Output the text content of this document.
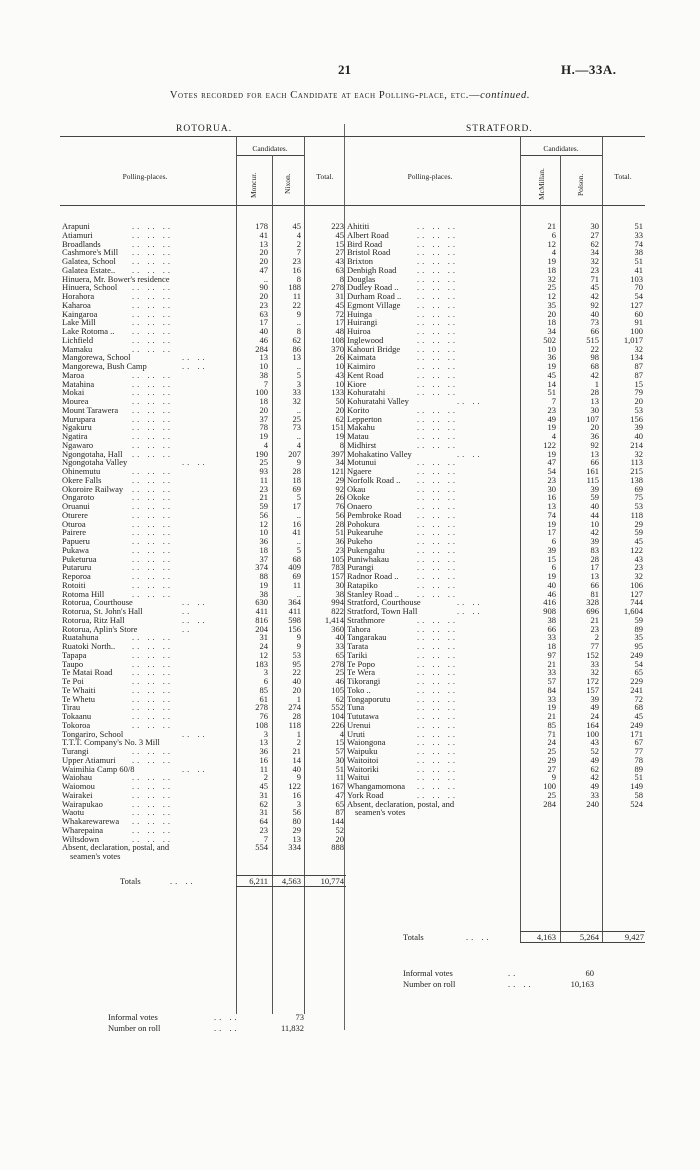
21	H.—33A.
Votes recorded for each Candidate at each Polling-place, etc.—continued.
ROTORUA.	STRATFORD.
Candidates.
Polling-places.	Total.
Moncur.	Nixon.
Candidates.
Polling-places.	Total.
McMillan.	Polson.
Arapuni	.. .. ..	178	45	223
Atiamuri	.. .. ..	41	4	45
Broadlands	.. .. ..	13	2	15
Cashmore's Mill .. .. ..	20	7	27
Galatea, School .. .. ..	20	23	43
Galatea Estate.. .. .. ..	47	16	63
Hinuera, Mr. Bower's residence	..	8	8
Hinuera, School .. .. ..	90	188	278
Horahora	.. .. ..	20	11	31
Kaharoa	.. .. ..	23	22	45
Kaingaroa	.. .. ..	63	9	72
Lake Mill	.. .. ..	17	..	17
Lake Rotoma .. .. .. ..	40	8	48
Lichfield	.. .. ..	46	62	108
Mamaku	.. .. ..	284	86	370
Mangorewa, School	.. ..	13	13	26
Mangorewa, Bush Camp	.. ..	10	..	10
Maroa	.. .. ..	38	5	43
Matahina	.. .. ..	7	3	10
Mokai	.. .. ..	100	33	133
Mourea	.. .. ..	18	32	50
Mount Tarawera .. .. ..	20	..	20
Murupara	.. .. ..	37	25	62
Ngakuru	.. .. ..	78	73	151
Ngatira	.. .. ..	19	..	19
Ngawaro	.. .. ..	4	4	8
Ngongotaha, Hall .. .. ..	190	207	397
Ngongotaha Valley	.. ..	25	9	34
Ohinemutu	.. .. ..	93	28	121
Okere Falls	.. .. ..	11	18	29
Okoroire Railway .. .. ..	23	69	92
Ongaroto	.. .. ..	21	5	26
Oruanui	.. .. ..	59	17	76
Oturere	.. .. ..	56	..	56
Oturoa	.. .. ..	12	16	28
Pairere	.. .. ..	10	41	51
Papueru	.. .. ..	36	..	36
Pukawa	.. .. ..	18	5	23
Puketurua	.. .. ..	37	68	105
Putaruru	.. .. ..	374	409	783
Reporoa	.. .. ..	88	69	157
Rotoiti	.. .. ..	19	11	30
Rotoma Hill	.. .. ..	38	..	38
Rotorua, Courthouse	.. ..	630	364	994
Rotorua, St. John's Hall	..	411	411	822
Rotorua, Ritz Hall	.. ..	816	598	1,414
Rotorua, Aplin's Store	..	204	156	360
Ruatahuna	.. .. ..	31	9	40
Ruatoki North.. .. .. ..	24	9	33
Tapapa	.. .. ..	12	53	65
Taupo	.. .. ..	183	95	278
Te Matai Road .. .. ..	3	22	25
Te Poi	.. .. ..	6	40	46
Te Whaiti	.. .. ..	85	20	105
Te Whetu	.. .. ..	61	1	62
Tirau	.. .. ..	278	274	552
Tokaanu	.. .. ..	76	28	104
Tokoroa	.. .. ..	108	118	226
Tongariro, School	.. ..	3	1	4
T.T.T. Company's No. 3 Mill	13	2	15
Turangi	.. .. ..	36	21	57
Upper Atiamuri .. .. ..	16	14	30
Waimihia Camp 60/8	.. ..	11	40	51
Waiohau	.. .. ..	2	9	11
Waiomou	.. .. ..	45	122	167
Wairakei	.. .. ..	31	16	47
Wairapukao	.. .. ..	62	3	65
Waotu	.. .. ..	31	56	87
Whakarewarewa .. .. ..	64	80	144
Wharepaina	.. .. ..	23	29	52
Wiltsdown	.. .. ..	7	13	20
Absent, declaration, postal, and	554	334	888
seamen's votes
Ahititi	.. .. ..	21	30	51
Albert Road	.. .. ..	6	27	33
Bird Road	.. .. ..	12	62	74
Bristol Road	.. .. ..	4	34	38
Brixton	.. .. ..	19	32	51
Denbigh Road .. .. ..	18	23	41
Douglas	.. .. ..	32	71	103
Dudley Road .. .. .. ..	25	45	70
Durham Road .. .. .. ..	12	42	54
Egmont Village .. .. ..	35	92	127
Huinga	.. .. ..	20	40	60
Huirangi	.. .. ..	18	73	91
Huiroa	.. .. ..	34	66	100
Inglewood	.. .. ..	502	515	1,017
Kahouri Bridge .. .. ..	10	22	32
Kaimata	.. .. ..	36	98	134
Kaimiro	.. .. ..	19	68	87
Kent Road	.. .. ..	45	42	87
Kiore	.. .. ..	14	1	15
Kohuratahi	.. .. ..	51	28	79
Kohuratahi Valley	.. ..	7	13	20
Korito	.. .. ..	23	30	53
Lepperton	.. .. ..	49	107	156
Makahu	.. .. ..	19	20	39
Matau	.. .. ..	4	36	40
Midhirst	.. .. ..	122	92	214
Mohakatino Valley	.. ..	19	13	32
Motunui	.. .. ..	47	66	113
Ngaere	.. .. ..	54	161	215
Norfolk Road .. .. .. ..	23	115	138
Okau	.. .. ..	30	39	69
Okoke	.. .. ..	16	59	75
Onaero	.. .. ..	13	40	53
Pembroke Road .. .. ..	74	44	118
Pohokura	.. .. ..	19	10	29
Pukearuhe	.. .. ..	17	42	59
Pukeho	.. .. ..	6	39	45
Pukengahu	.. .. ..	39	83	122
Puniwhakau	.. .. ..	15	28	43
Purangi	.. .. ..	6	17	23
Radnor Road .. .. .. ..	19	13	32
Ratapiko	.. .. ..	40	66	106
Stanley Road .. .. .. ..	46	81	127
Stratford, Courthouse	.. ..	416	328	744
Stratford, Town Hall	.. ..	908	696	1,604
Strathmore	.. .. ..	38	21	59
Tahora	.. .. ..	66	23	89
Tangarakau	.. .. ..	33	2	35
Tarata	.. .. ..	18	77	95
Tariki	.. .. ..	97	152	249
Te Popo	.. .. ..	21	33	54
Te Wera	.. .. ..	33	32	65
Tikorangi	.. .. ..	57	172	229
Toko ..	.. .. ..	84	157	241
Tongaporutu	.. .. ..	33	39	72
Tuna	.. .. ..	19	49	68
Tututawa	.. .. ..	21	24	45
Urenui	.. .. ..	85	164	249
Uruti	.. .. ..	71	100	171
Waiongona	.. .. ..	24	43	67
Waipuku	.. .. ..	25	52	77
Waitoitoi	.. .. ..	29	49	78
Waitoriki	.. .. ..	27	62	89
Waitui	.. .. ..	9	42	51
Whangamomona .. .. ..	100	49	149
York Road	.. .. ..	25	33	58
Absent, declaration, postal, and	284	240	524
seamen's votes
Totals	.. ..	6,211	4,563	10,774
Totals	.. ..	4,163	5,264	9,427
Informal votes	.. ..	73
Number on roll	.. ..	11,832
Informal votes	..	60
Number on roll	.. ..	10,163
